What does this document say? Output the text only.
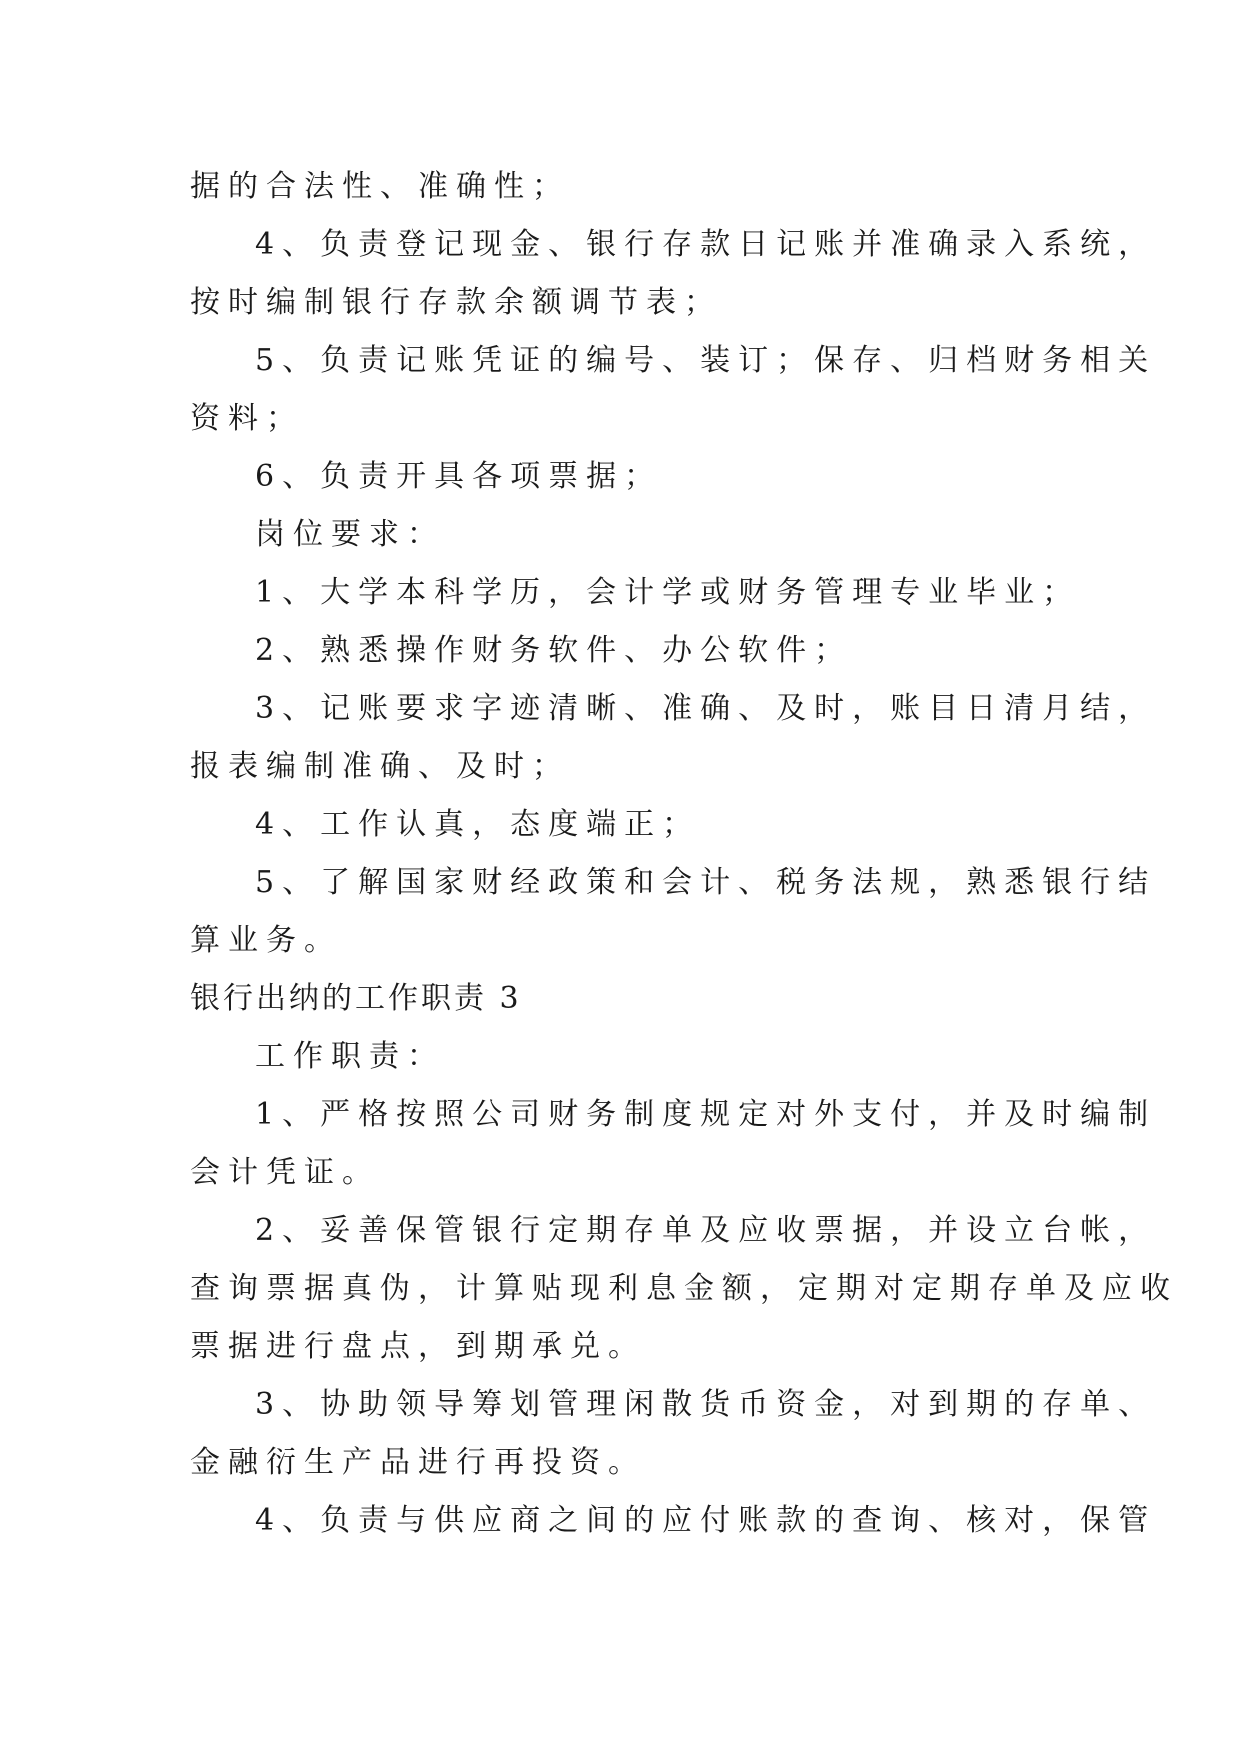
据的合法性、准确性；
4、负责登记现金、银行存款日记账并准确录入系统，
按时编制银行存款余额调节表；
5、负责记账凭证的编号、装订；保存、归档财务相关
资料；
6、负责开具各项票据；
岗位要求：
1、大学本科学历，会计学或财务管理专业毕业；
2、熟悉操作财务软件、办公软件；
3、记账要求字迹清晰、准确、及时，账目日清月结，
报表编制准确、及时；
4、工作认真，态度端正；
5、了解国家财经政策和会计、税务法规，熟悉银行结
算业务。
银行出纳的工作职责 3
工作职责：
1、严格按照公司财务制度规定对外支付，并及时编制
会计凭证。
2、妥善保管银行定期存单及应收票据，并设立台帐，
查询票据真伪，计算贴现利息金额，定期对定期存单及应收
票据进行盘点，到期承兑。
3、协助领导筹划管理闲散货币资金，对到期的存单、
金融衍生产品进行再投资。
4、负责与供应商之间的应付账款的查询、核对，保管
